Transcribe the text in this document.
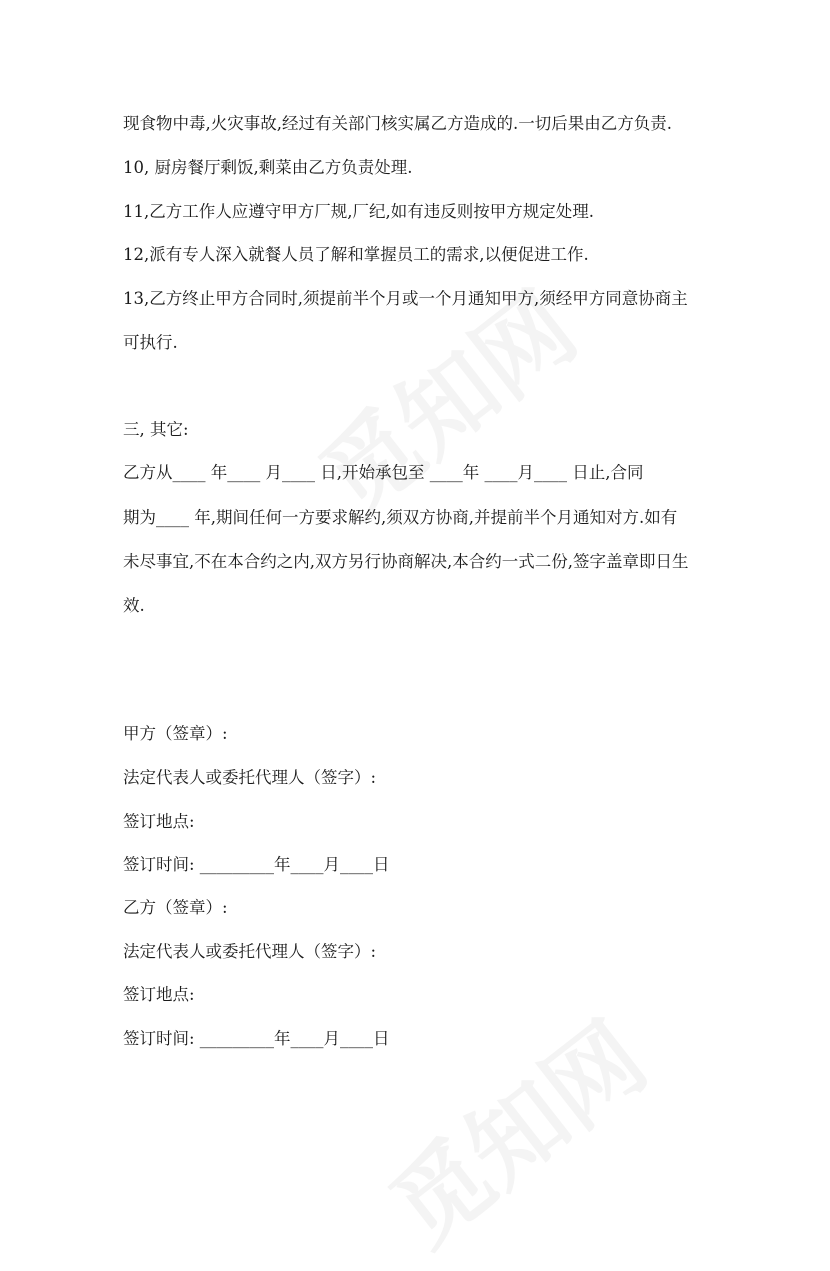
现食物中毒,火灾事故,经过有关部门核实属乙方造成的.一切后果由乙方负责.

10, 厨房餐厅剩饭,剩菜由乙方负责处理.

11,乙方工作人应遵守甲方厂规,厂纪,如有违反则按甲方规定处理.

12,派有专人深入就餐人员了解和掌握员工的需求,以便促进工作.

13,乙方终止甲方合同时,须提前半个月或一个月通知甲方,须经甲方同意协商主

可执行.

三, 其它:

乙方从____ 年____ 月____ 日,开始承包至 ____年 ____月____ 日止,合同

期为____ 年,期间任何一方要求解约,须双方协商,并提前半个月通知对方.如有

未尽事宜,不在本合约之内,双方另行协商解决,本合约一式二份,签字盖章即日生

效.

甲方（签章）:

法定代表人或委托代理人（签字）:

签订地点:

签订时间: _________年____月____日

乙方（签章）:

法定代表人或委托代理人（签字）:

签订地点:

签订时间: _________年____月____日
